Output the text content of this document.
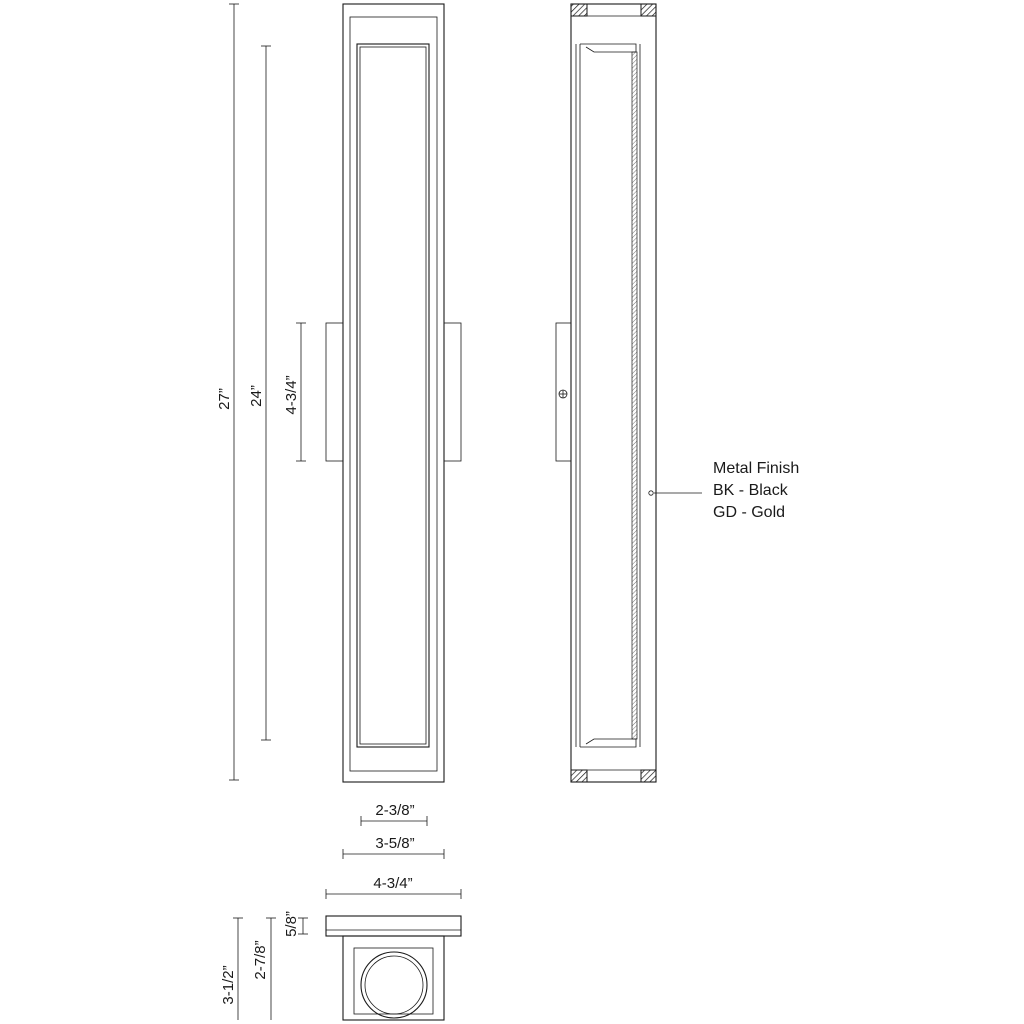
Metal Finish
BK - Black
GD - Gold
27” 24” 4-3/4”
2-3/8”
3-5/8”
4-3/4”
5/8”
2-7/8”
3-1/2”
